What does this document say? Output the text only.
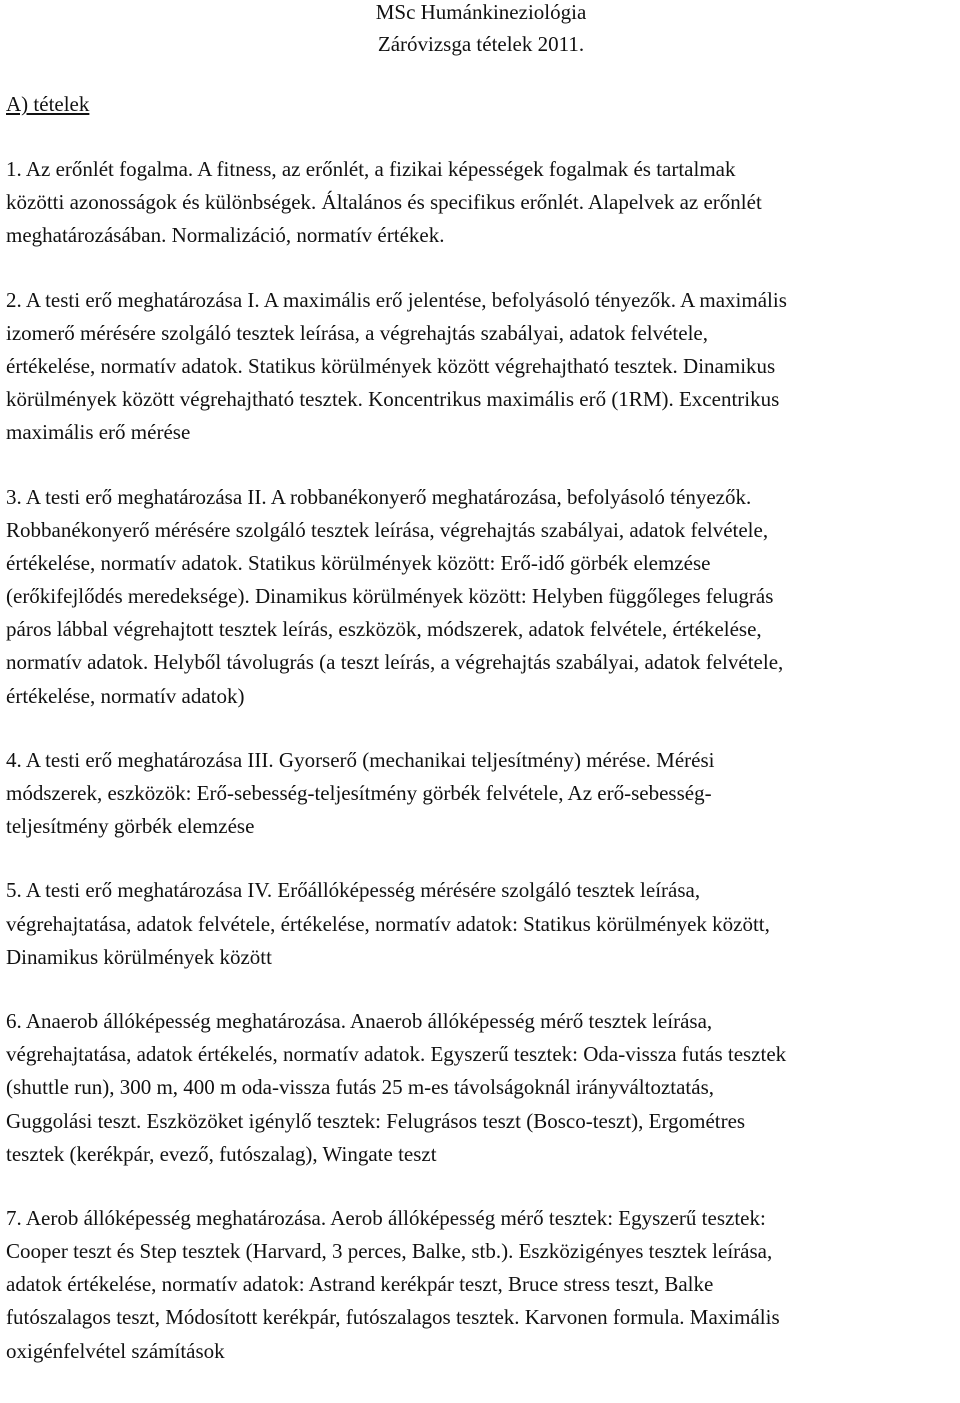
MSc Humánkineziológia
Záróvizsga tételek 2011.
A) tételek
1. Az erőnlét fogalma. A fitness, az erőnlét, a fizikai képességek fogalmak és tartalmak
közötti azonosságok és különbségek. Általános és specifikus erőnlét. Alapelvek az erőnlét
meghatározásában. Normalizáció, normatív értékek.
2. A testi erő meghatározása I. A maximális erő jelentése, befolyásoló tényezők. A maximális
izomerő mérésére szolgáló tesztek leírása, a végrehajtás szabályai, adatok felvétele,
értékelése, normatív adatok. Statikus körülmények között végrehajtható tesztek. Dinamikus
körülmények között végrehajtható tesztek. Koncentrikus maximális erő (1RM). Excentrikus
maximális erő mérése
3. A testi erő meghatározása II. A robbanékonyerő meghatározása, befolyásoló tényezők.
Robbanékonyerő mérésére szolgáló tesztek leírása, végrehajtás szabályai, adatok felvétele,
értékelése, normatív adatok. Statikus körülmények között: Erő-idő görbék elemzése
(erőkifejlődés meredeksége). Dinamikus körülmények között: Helyben függőleges felugrás
páros lábbal végrehajtott tesztek leírás, eszközök, módszerek, adatok felvétele, értékelése,
normatív adatok. Helyből távolugrás (a teszt leírás, a végrehajtás szabályai, adatok felvétele,
értékelése, normatív adatok)
4. A testi erő meghatározása III. Gyorserő (mechanikai teljesítmény) mérése. Mérési
módszerek, eszközök: Erő-sebesség-teljesítmény görbék felvétele, Az erő-sebesség-
teljesítmény görbék elemzése
5. A testi erő meghatározása IV. Erőállóképesség mérésére szolgáló tesztek leírása,
végrehajtatása, adatok felvétele, értékelése, normatív adatok: Statikus körülmények között,
Dinamikus körülmények között
6. Anaerob állóképesség meghatározása. Anaerob állóképesség mérő tesztek leírása,
végrehajtatása, adatok értékelés, normatív adatok. Egyszerű tesztek: Oda-vissza futás tesztek
(shuttle run), 300 m, 400 m oda-vissza futás 25 m-es távolságoknál irányváltoztatás,
Guggolási teszt. Eszközöket igénylő tesztek: Felugrásos teszt (Bosco-teszt), Ergométres
tesztek (kerékpár, evező, futószalag), Wingate teszt
7. Aerob állóképesség meghatározása. Aerob állóképesség mérő tesztek: Egyszerű tesztek:
Cooper teszt és Step tesztek (Harvard, 3 perces, Balke, stb.). Eszközigényes tesztek leírása,
adatok értékelése, normatív adatok: Astrand kerékpár teszt, Bruce stress teszt, Balke
futószalagos teszt, Módosított kerékpár, futószalagos tesztek. Karvonen formula. Maximális
oxigénfelvétel számítások
